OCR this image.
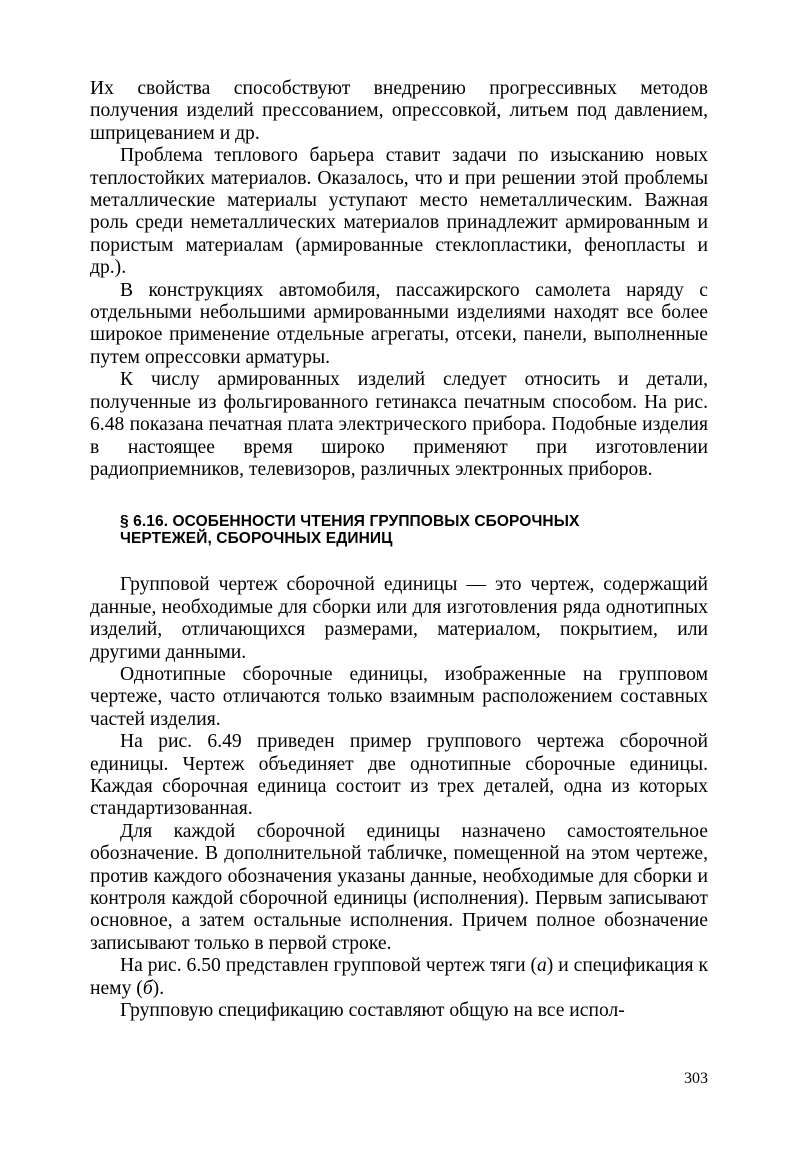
Их свойства способствуют внедрению прогрессивных методов получения изделий прессованием, опрессовкой, литьем под давлением, шприцеванием и др.

Проблема теплового барьера ставит задачи по изысканию новых теплостойких материалов. Оказалось, что и при решении этой проблемы металлические материалы уступают место неметаллическим. Важная роль среди неметаллических материалов принадлежит армированным и пористым материалам (армированные стеклопластики, фенопласты и др.).

В конструкциях автомобиля, пассажирского самолета наряду с отдельными небольшими армированными изделиями находят все более широкое применение отдельные агрегаты, отсеки, панели, выполненные путем опрессовки арматуры.

К числу армированных изделий следует относить и детали, полученные из фольгированного гетинакса печатным способом. На рис. 6.48 показана печатная плата электрического прибора. Подобные изделия в настоящее время широко применяют при изготовлении радиоприемников, телевизоров, различных электронных приборов.

§ 6.16. ОСОБЕННОСТИ ЧТЕНИЯ ГРУППОВЫХ СБОРОЧНЫХ
ЧЕРТЕЖЕЙ, СБОРОЧНЫХ ЕДИНИЦ

Групповой чертеж сборочной единицы — это чертеж, содержащий данные, необходимые для сборки или для изготовления ряда однотипных изделий, отличающихся размерами, материалом, покрытием, или другими данными.

Однотипные сборочные единицы, изображенные на групповом чертеже, часто отличаются только взаимным расположением составных частей изделия.

На рис. 6.49 приведен пример группового чертежа сборочной единицы. Чертеж объединяет две однотипные сборочные единицы. Каждая сборочная единица состоит из трех деталей, одна из которых стандартизованная.

Для каждой сборочной единицы назначено самостоятельное обозначение. В дополнительной табличке, помещенной на этом чертеже, против каждого обозначения указаны данные, необходимые для сборки и контроля каждой сборочной единицы (исполнения). Первым записывают основное, а затем остальные исполнения. Причем полное обозначение записывают только в первой строке.

На рис. 6.50 представлен групповой чертеж тяги (а) и спецификация к нему (б).

Групповую спецификацию составляют общую на все испол-

303
